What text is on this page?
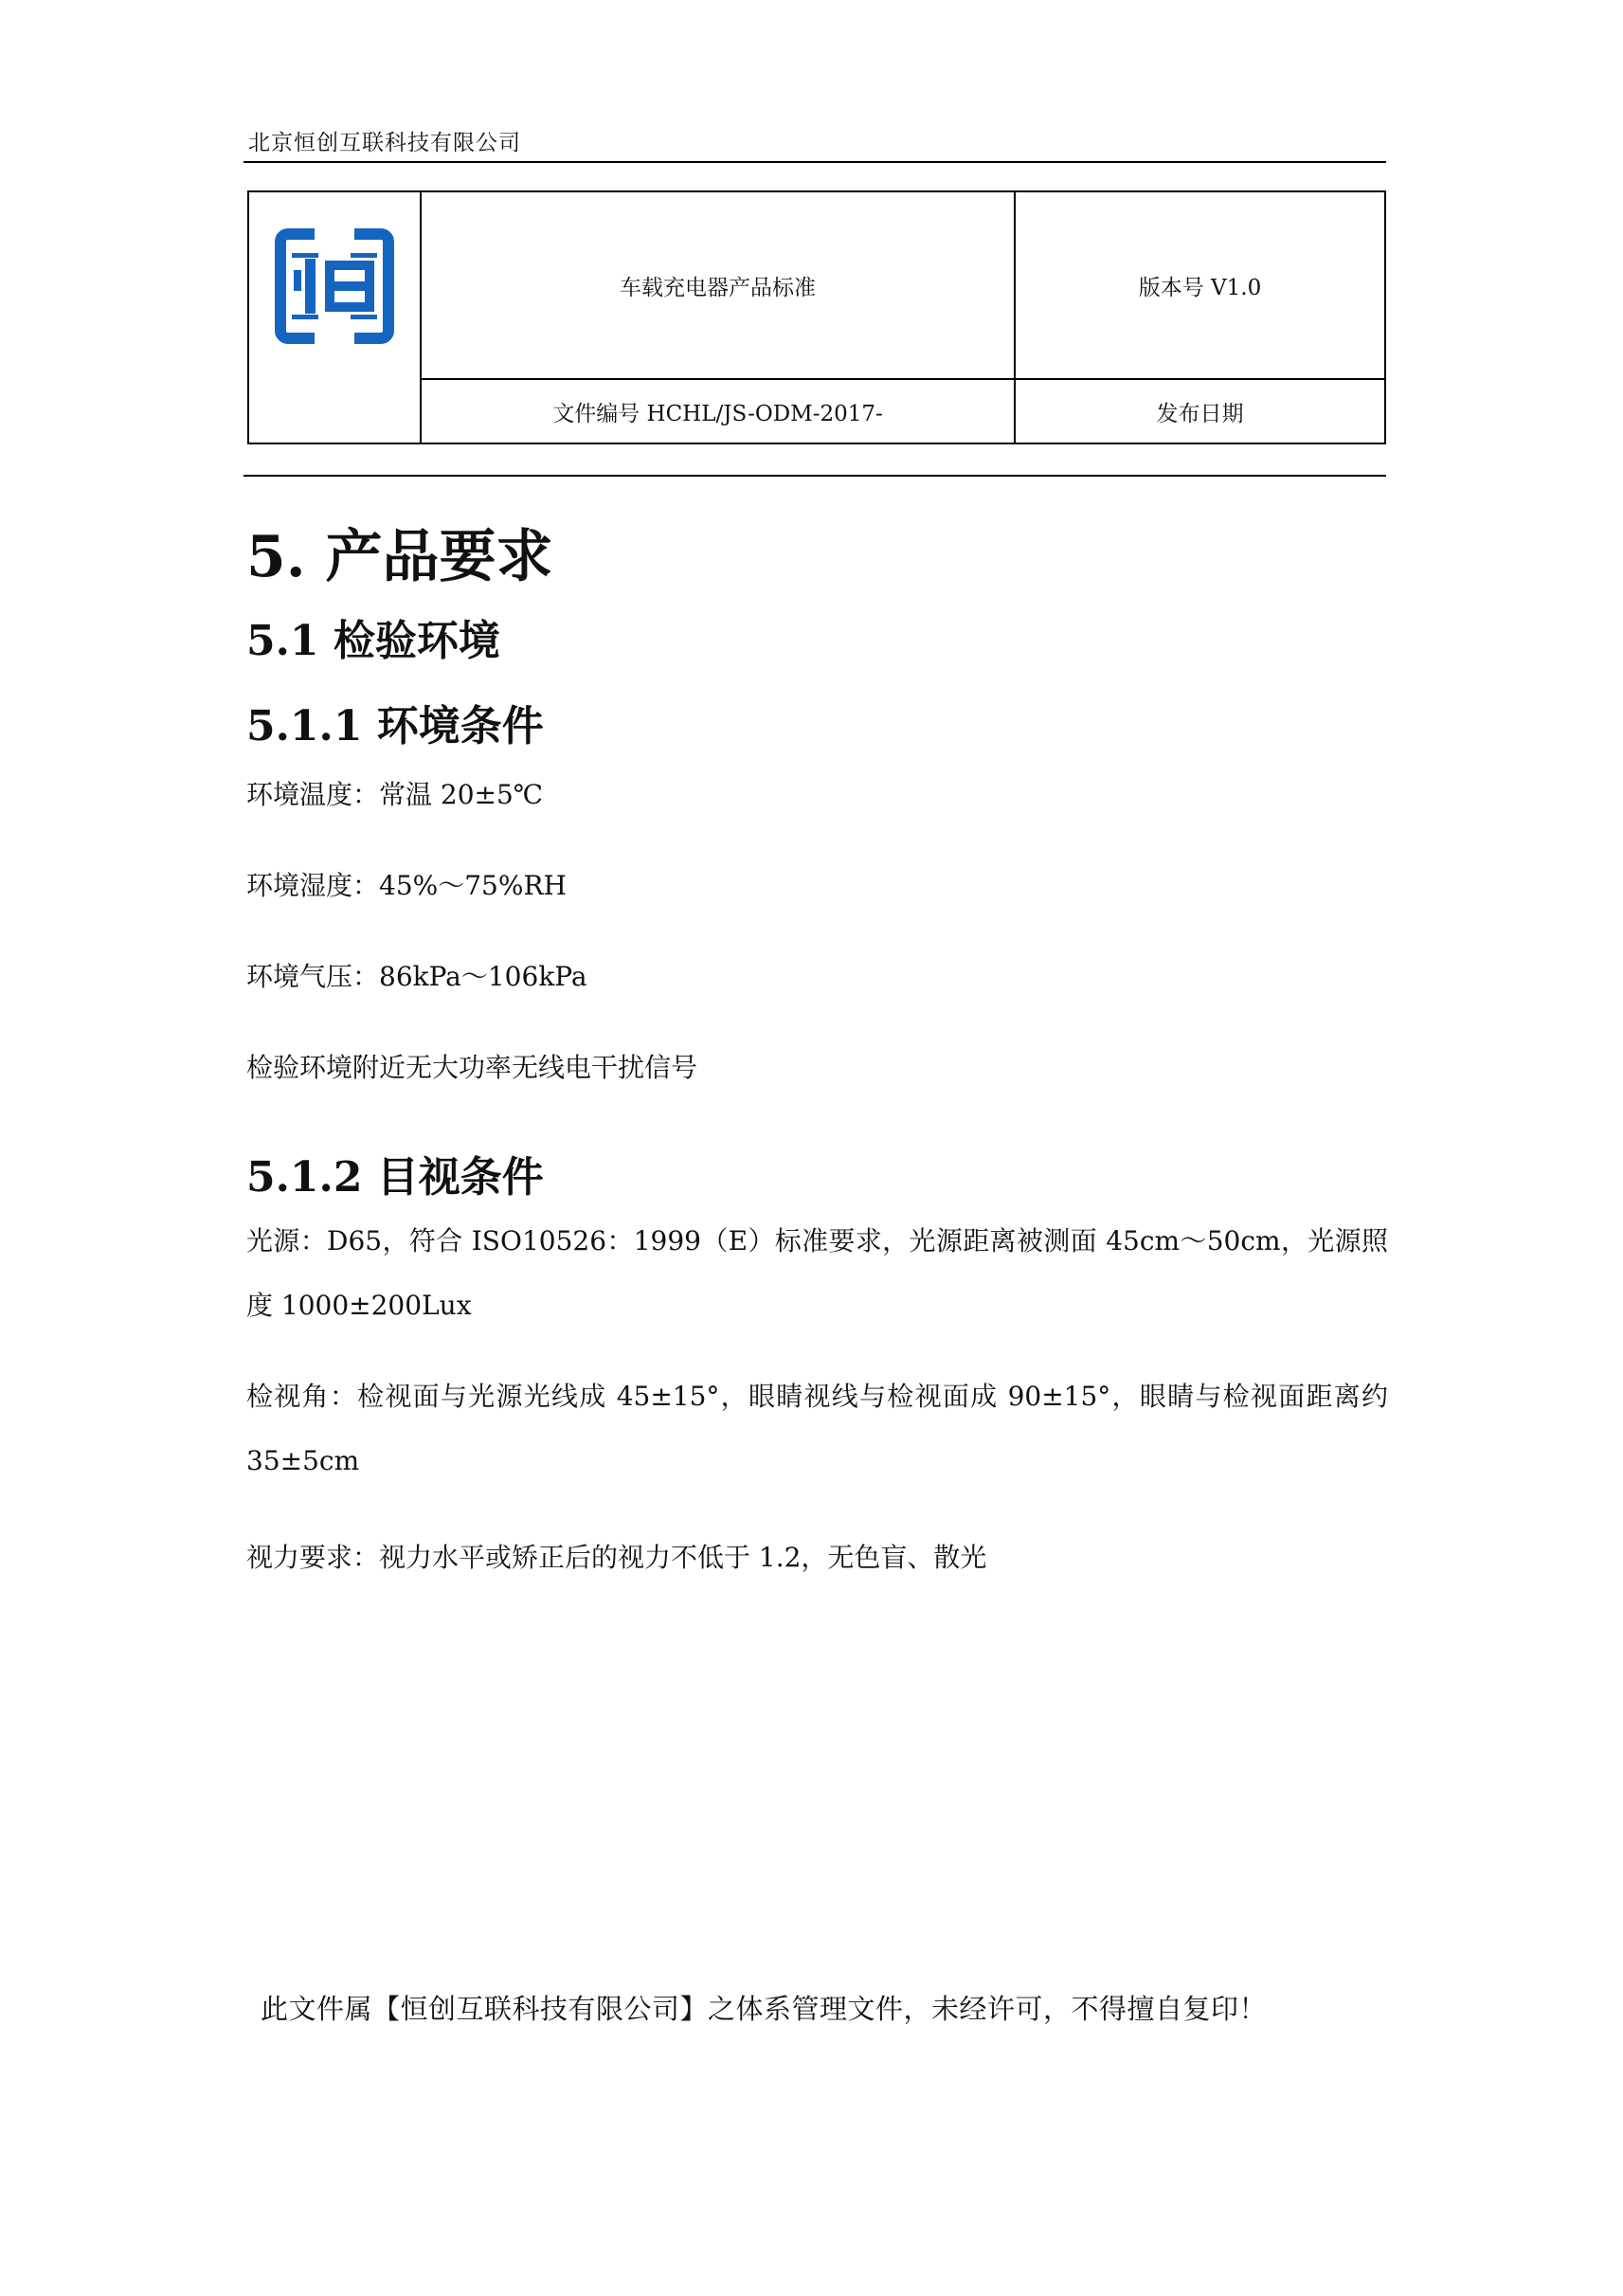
北京恒创互联科技有限公司
	车载充电器产品标准	版本号 V1.0
	文件编号 HCHL/JS-ODM-2017-	发布日期
5. 产品要求
5.1 检验环境
5.1.1 环境条件

环境温度：常温 20±5℃

环境湿度：45%～75%RH

环境气压：86kPa～106kPa

检验环境附近无大功率无线电干扰信号

5.1.2 目视条件

光源：D65，符合 ISO10526：1999（E）标准要求，光源距离被测面 45cm～50cm，光源照度 1000±200Lux

检视角：检视面与光源光线成 45±15°，眼睛视线与检视面成 90±15°，眼睛与检视面距离约 35±5cm

视力要求：视力水平或矫正后的视力不低于 1.2，无色盲、散光

此文件属【恒创互联科技有限公司】之体系管理文件，未经许可，不得擅自复印！
